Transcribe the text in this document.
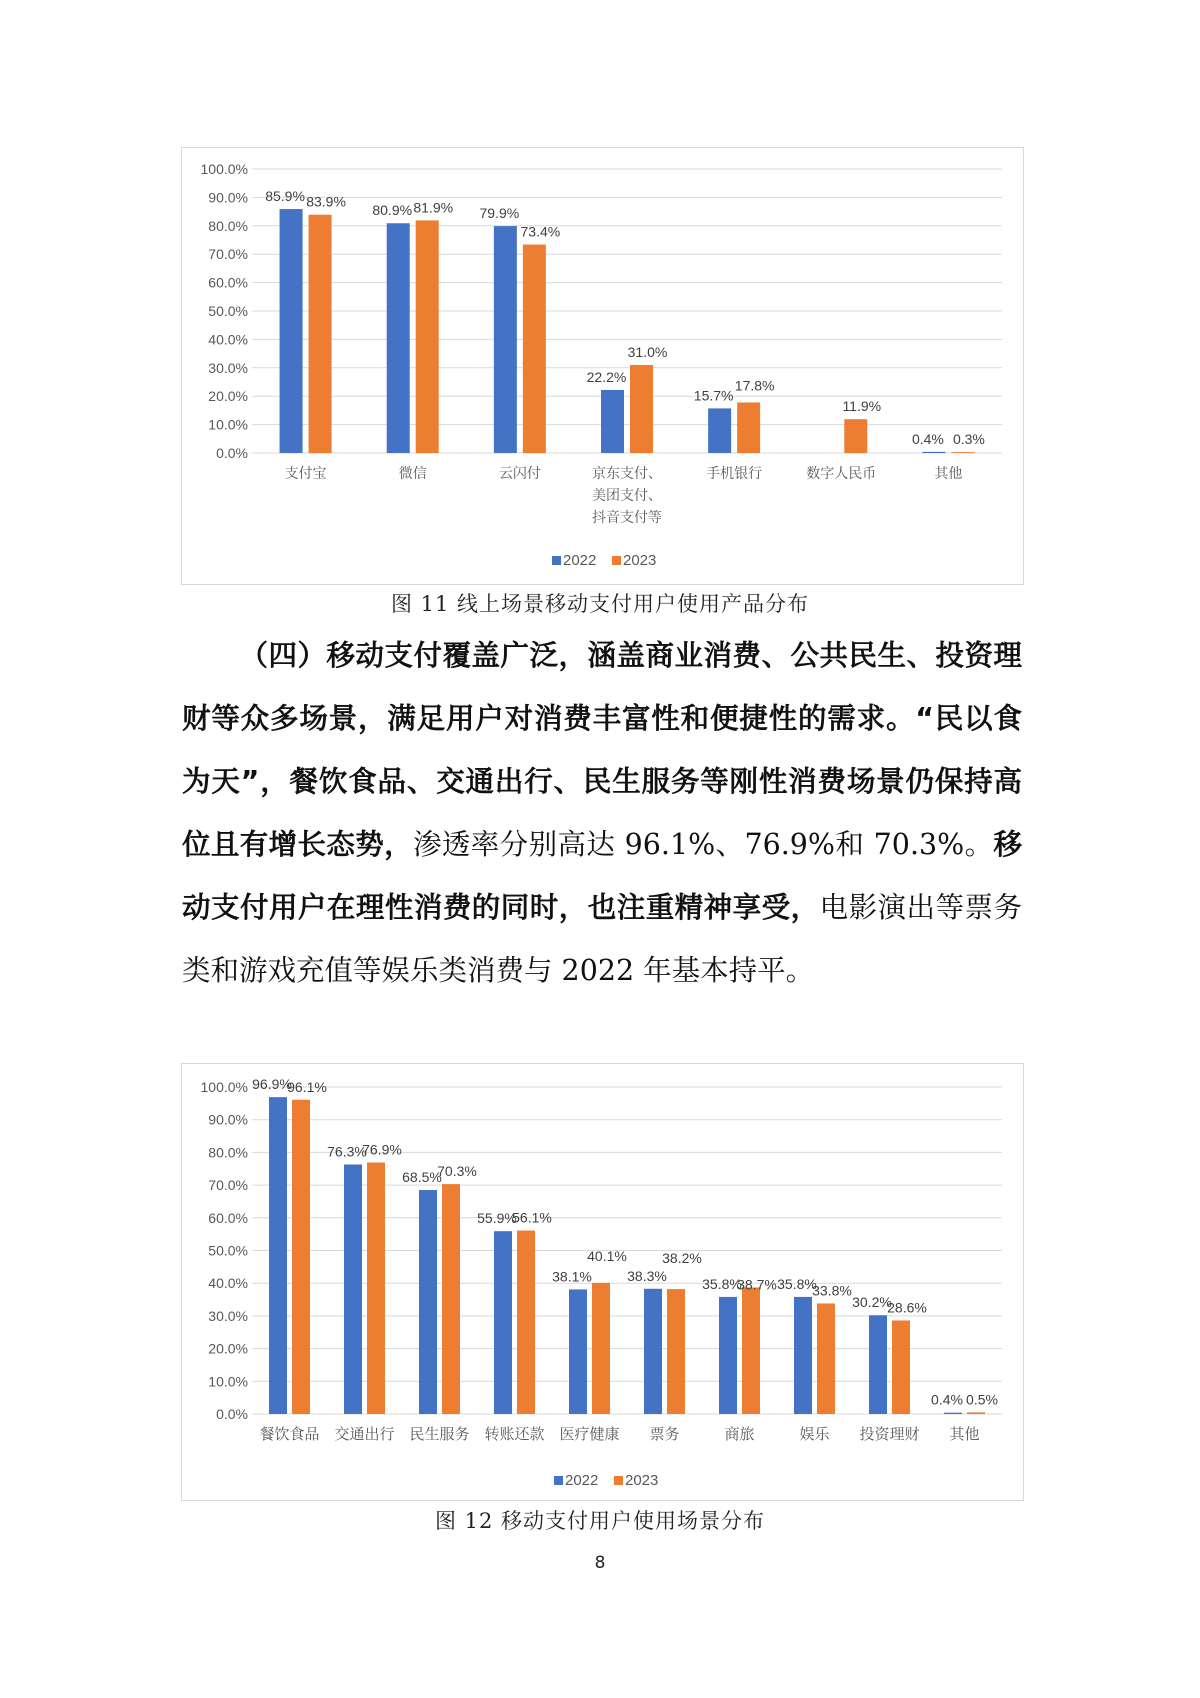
0.0%
10.0%
20.0%
30.0%
40.0%
50.0%
60.0%
70.0%
80.0%
90.0%
100.0%
支付宝
85.9% 83.9%
微信
80.9% 81.9%
云闪付
79.9%
73.4%
京东支付、
美团支付、
抖音支付等
22.2%
31.0%
手机银行
15.7%
17.8%
数字人民币
11.9%
其他
0.4% 0.3%
2022 2023
图 11 线上场景移动支付用户使用产品分布
（四）移动支付覆盖广泛，涵盖商业消费、公共民生、投资理财等众多场景，满足用户对消费丰富性和便捷性的需求。“民以食为天”，餐饮食品、交通出行、民生服务等刚性消费场景仍保持高位且有增长态势，渗透率分别高达 96.1%、76.9%和 70.3%。移动支付用户在理性消费的同时，也注重精神享受，电影演出等票务类和游戏充值等娱乐类消费与 2022 年基本持平。
0.0%
10.0%
20.0%
30.0%
40.0%
50.0%
60.0%
70.0%
80.0%
90.0%
100.0%
餐饮食品
96.9%
96.1%
交通出行
76.3%
76.9%
民生服务
68.5%
70.3%
转账还款
55.9%
56.1%
医疗健康
38.1%
40.1%
票务
38.3%
38.2%
商旅
35.8%
38.7%
娱乐
35.8%
33.8%
投资理财
30.2%
28.6%
其他
0.4% 0.5%
2022 2023
图 12 移动支付用户使用场景分布
8
